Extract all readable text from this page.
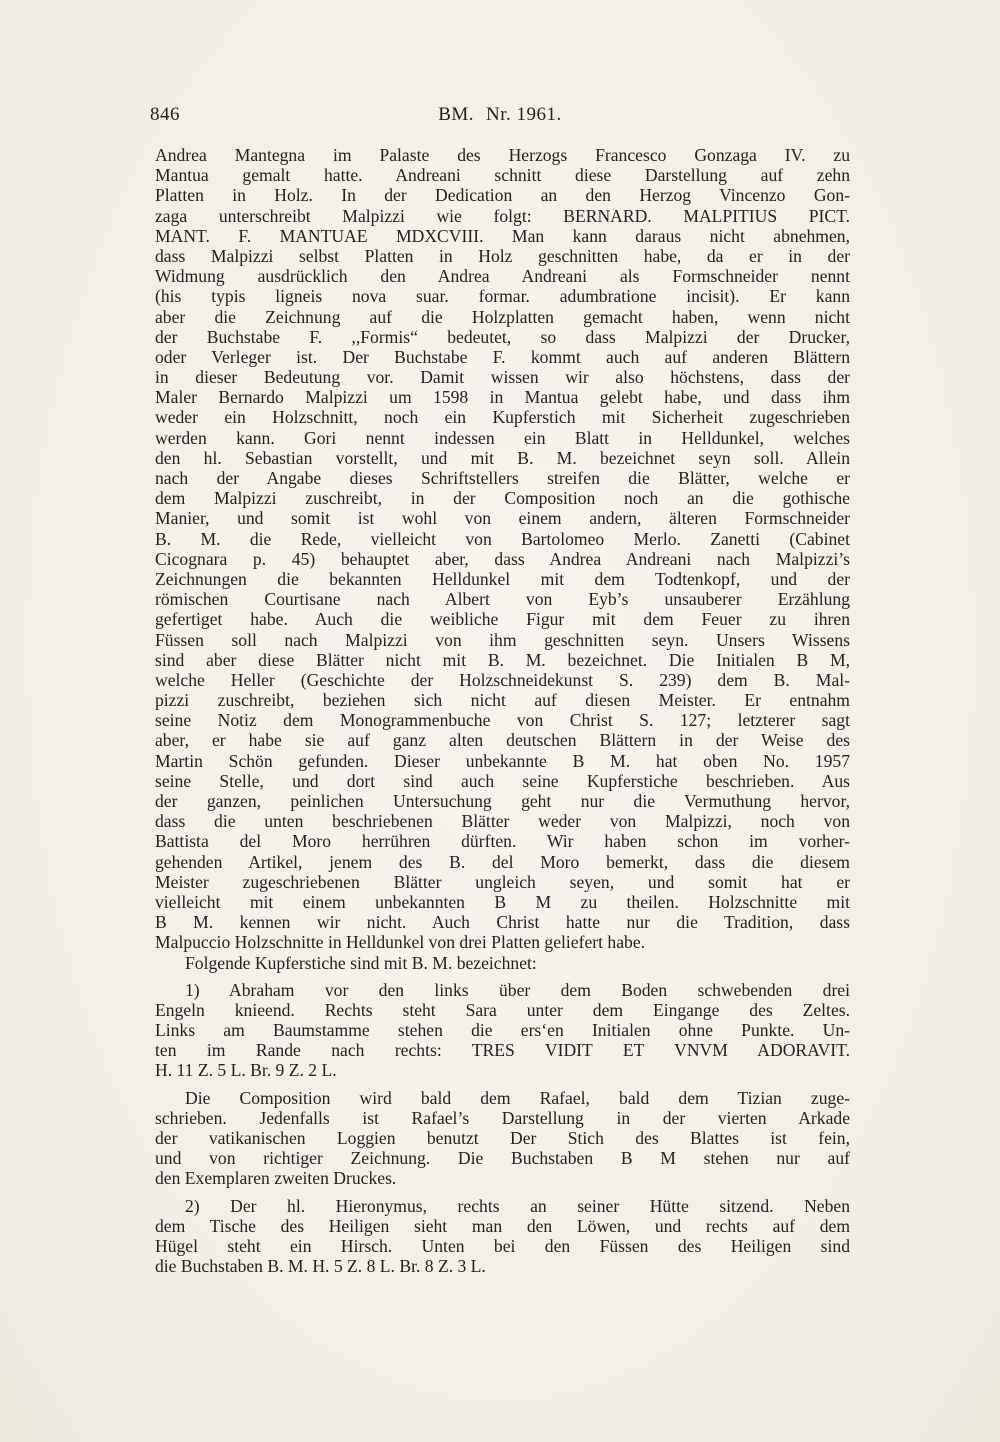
846	BM. Nr. 1961.
Andrea Mantegna im Palaste des Herzogs Francesco Gonzaga IV. zu
Mantua gemalt hatte. Andreani schnitt diese Darstellung auf zehn
Platten in Holz. In der Dedication an den Herzog Vincenzo Gon-
zaga unterschreibt Malpizzi wie folgt: BERNARD. MALPITIUS PICT.
MANT. F. MANTUAE MDXCVIII. Man kann daraus nicht abnehmen,
dass Malpizzi selbst Platten in Holz geschnitten habe, da er in der
Widmung ausdrücklich den Andrea Andreani als Formschneider nennt
(his typis ligneis nova suar. formar. adumbratione incisit). Er kann
aber die Zeichnung auf die Holzplatten gemacht haben, wenn nicht
der Buchstabe F. ,,Formis“ bedeutet, so dass Malpizzi der Drucker,
oder Verleger ist. Der Buchstabe F. kommt auch auf anderen Blättern
in dieser Bedeutung vor. Damit wissen wir also höchstens, dass der
Maler Bernardo Malpizzi um 1598 in Mantua gelebt habe, und dass ihm
weder ein Holzschnitt, noch ein Kupferstich mit Sicherheit zugeschrieben
werden kann. Gori nennt indessen ein Blatt in Helldunkel, welches
den hl. Sebastian vorstellt, und mit B. M. bezeichnet seyn soll. Allein
nach der Angabe dieses Schriftstellers streifen die Blätter, welche er
dem Malpizzi zuschreibt, in der Composition noch an die gothische
Manier, und somit ist wohl von einem andern, älteren Formschneider
B. M. die Rede, vielleicht von Bartolomeo Merlo. Zanetti (Cabinet
Cicognara p. 45) behauptet aber, dass Andrea Andreani nach Malpizzi’s
Zeichnungen die bekannten Helldunkel mit dem Todtenkopf, und der
römischen Courtisane nach Albert von Eyb’s unsauberer Erzählung
gefertiget habe. Auch die weibliche Figur mit dem Feuer zu ihren
Füssen soll nach Malpizzi von ihm geschnitten seyn. Unsers Wissens
sind aber diese Blätter nicht mit B. M. bezeichnet. Die Initialen B M,
welche Heller (Geschichte der Holzschneidekunst S. 239) dem B. Mal-
pizzi zuschreibt, beziehen sich nicht auf diesen Meister. Er entnahm
seine Notiz dem Monogrammenbuche von Christ S. 127; letzterer sagt
aber, er habe sie auf ganz alten deutschen Blättern in der Weise des
Martin Schön gefunden. Dieser unbekannte B M. hat oben No. 1957
seine Stelle, und dort sind auch seine Kupferstiche beschrieben. Aus
der ganzen, peinlichen Untersuchung geht nur die Vermuthung hervor,
dass die unten beschriebenen Blätter weder von Malpizzi, noch von
Battista del Moro herrühren dürften. Wir haben schon im vorher-
gehenden Artikel, jenem des B. del Moro bemerkt, dass die diesem
Meister zugeschriebenen Blätter ungleich seyen, und somit hat er
vielleicht mit einem unbekannten B M zu theilen. Holzschnitte mit
B M. kennen wir nicht. Auch Christ hatte nur die Tradition, dass
Malpuccio Holzschnitte in Helldunkel von drei Platten geliefert habe.
Folgende Kupferstiche sind mit B. M. bezeichnet:
1) Abraham vor den links über dem Boden schwebenden drei
Engeln knieend. Rechts steht Sara unter dem Eingange des Zeltes.
Links am Baumstamme stehen die ers‘en Initialen ohne Punkte. Un-
ten im Rande nach rechts: TRES VIDIT ET VNVM ADORAVIT.
H. 11 Z. 5 L. Br. 9 Z. 2 L.
Die Composition wird bald dem Rafael, bald dem Tizian zuge-
schrieben. Jedenfalls ist Rafael’s Darstellung in der vierten Arkade
der vatikanischen Loggien benutzt Der Stich des Blattes ist fein,
und von richtiger Zeichnung. Die Buchstaben B M stehen nur auf
den Exemplaren zweiten Druckes.
2) Der hl. Hieronymus, rechts an seiner Hütte sitzend. Neben
dem Tische des Heiligen sieht man den Löwen, und rechts auf dem
Hügel steht ein Hirsch. Unten bei den Füssen des Heiligen sind
die Buchstaben B. M. H. 5 Z. 8 L. Br. 8 Z. 3 L.
